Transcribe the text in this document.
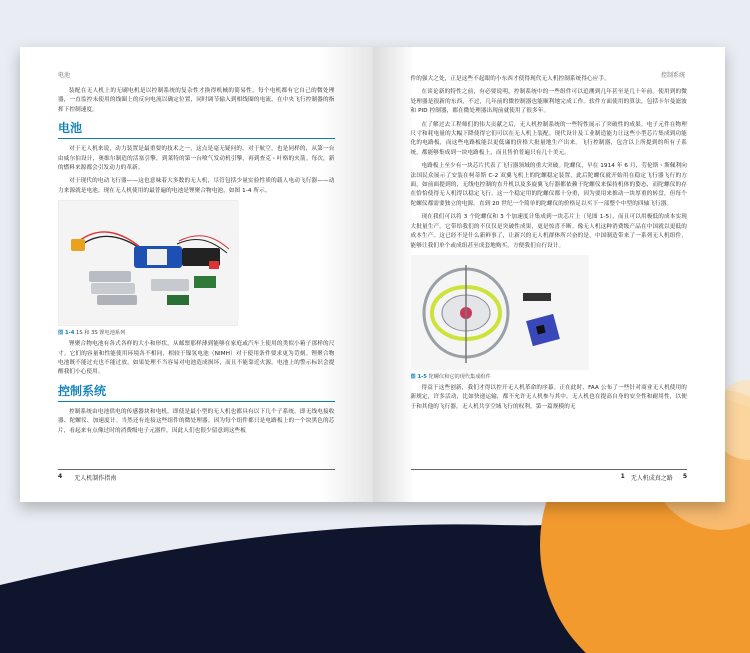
电池

装配在无人机上的无刷电机是以控制系统的复杂性才换得机械的简易性。每个电机都有它自己的微处理器，一直监控未使用的线圈上的反向电流以确定位置，同时调节输入到相线圈的电流，在中央飞行控制器的指挥下控制速度。

电池

对于无人机来说，动力装置是最重要的技术之一，这点是毫无疑问的。对于航空，也是同样的，从第一台由威尔伯设计，奥维尔制造的活塞引擎，到莱特的第一台喷气发动机引擎，再到查克・叶格的火箭。每次，新的燃料来源都会引发动力的革新。

对于现代的电动飞行器——这也意味着大多数的无人机，尽管包括少量实验性质的载人电动飞行器——动力来源就是电池。现在无人机使用的最普遍的电池是锂聚合物电池，如图 1-4 所示。

图 1-4 1S 和 3S 锂电池系列

锂聚合物电池有各式各样的大小和形状，从邮票那样薄到能够在家庭或汽车上使用的类似小箱子那样的尺寸。它们的容量和性能使用环境各不相同，相较于镍氢电池（NIMH）对于使用条件要求更为苛刻。锂聚合物电池既不能过充也不能过放，如果处理不当容易对电池造成损坏，而且不能靠近火源。电池上的警示标识会提醒我们小心使用。

控制系统

控制系统由电池供电的传感器块和电机。即使是最小型的无人机也都具有以下几个子系统，即无线电接收器、陀螺仪、加速度计。当然还有连接这些组件的微处理器。因为每个组件都只是电路板上的一个块黑色的芯片，看起来有点像过时的消费级电子元器件。因此人们也很少留意到这些板

4 无人机制作指南
控制系统

件的强大之处，正是这些不起眼的小东西才使得现代无人机控制系统得心应手。

在谈论新的特性之前，有必要说明，控制系统中的一些组件可以追溯到几年甚至是几十年前。使用到的微处理器是很新的东西，不过，几年前的微控制器也能顺利地完成工作。软件方面使用的算法，包括卡尔曼滤波和 PID 控制器，都在微处理器出现前就使用了很多年。

在了解过去工程师们的伟大贡献之后，无人机控制系统的一些特性展示了突破性的成果。电子元件在物理尺寸和耗电量的大幅下降使得它们可以在无人机上装配。现代设计及工业制造能力让这些小型芯片集成到功能化的电路板，而这些电路板能以更低廉的价格大批量地生产出来。飞行控制器，包含以上所提到的所有子系统，都能够集成到一块电路板上，而且售价普遍只有几十美元。

电路板上至少有一块芯片代表了飞行器领域的重大突破。陀螺仪，早在 1914 年 6 月，劳伦斯・斯佩利向法国民众展示了安装在柯蒂斯 C-2 双翼飞机上的陀螺稳定装置，此后陀螺仪就开始用在稳定飞行器飞行的方面。如前面提到的，无线电控制的直升机以及多旋翼飞行器都依赖于陀螺仪来保持机体的姿态，而陀螺仪的存在恰恰使得无人机得以稳定飞行。这一个稳定用的陀螺仪都十分重，因为要用来推动一块厚重的转盘，但每个陀螺仪都需要独立的电源。直到 20 世纪一个简单的陀螺仪的价格足以买下一部整个中型的四轴飞行器。

现在我们可以将 3 个陀螺仪和 3 个加速度计集成到一块芯片上（见图 1-5），而且可以用极低的成本实现大批量生产。它带给我们的不仅仅是突破性成果，更是惊喜不断。像无人机这种消费级产品在中国就以更低的成本生产。这已经不是什么新鲜事了，让新兴的无人机群体所兴奋的是，中国制造带来了一系列无人机组件，能够让我们单个或成组甚至成套地购买，方便我们自行设计。

图 1-5 陀螺仪和它的现代集成组件

得益于这些创新，我们才得以控开无人机革命的序幕。正在此时，FAA 公布了一些针对商业无人机使用的新规定，许多活动，比如快递运输，都不允许无人机参与其中。无人机也在提高自身的安全性和耐用性，以便于和其他的飞行器，无人机共享空域飞行的权利，第一篇规模的无

1 无人机成真之路 5
